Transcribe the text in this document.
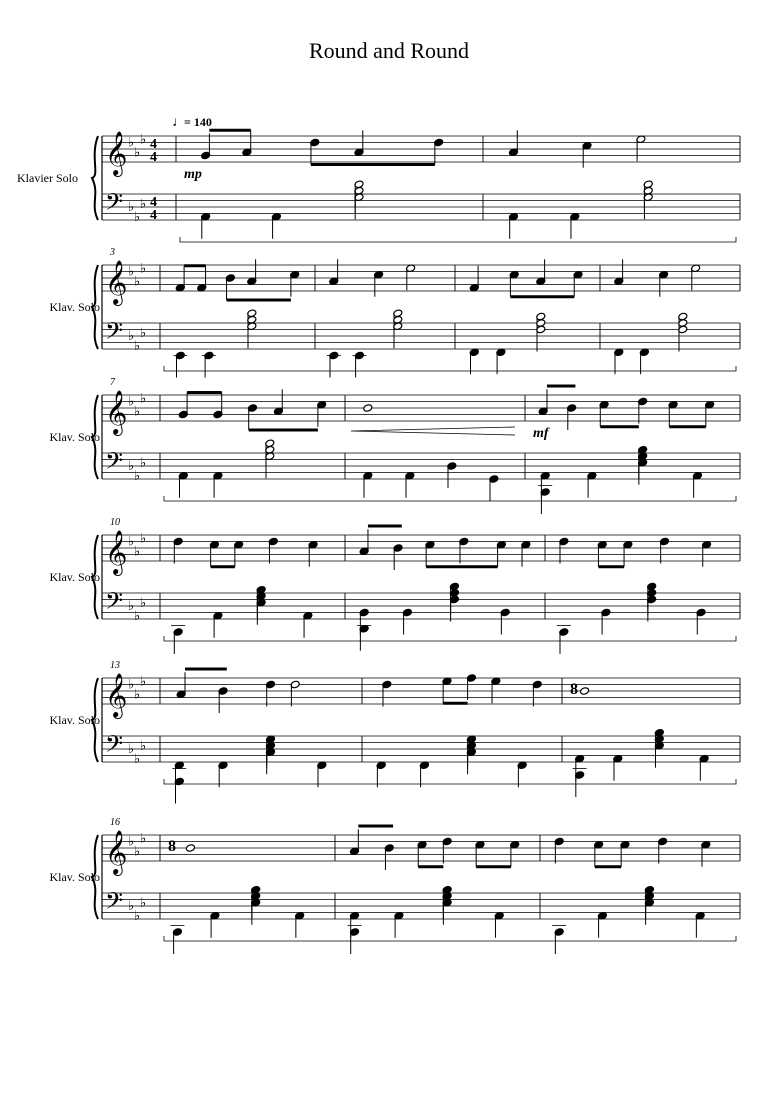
Round and Round
Klavier Solo
𝄞
𝄢
♭
♭
♭
♭
♭
♭
4
4
4
4
♩
= 140
mp
Klav. Solo
𝄞
𝄢
♭
♭
♭
♭
♭
♭
3
Klav. Solo
𝄞
𝄢
♭
♭
♭
♭
♭
♭
7
mf
Klav. Solo
𝄞
𝄢
♭
♭
♭
♭
♭
♭
10
Klav. Solo
𝄞
𝄢
♭
♭
♭
♭
♭
♭
13
8
Klav. Solo
𝄞
𝄢
♭
♭
♭
♭
♭
♭
16
8
